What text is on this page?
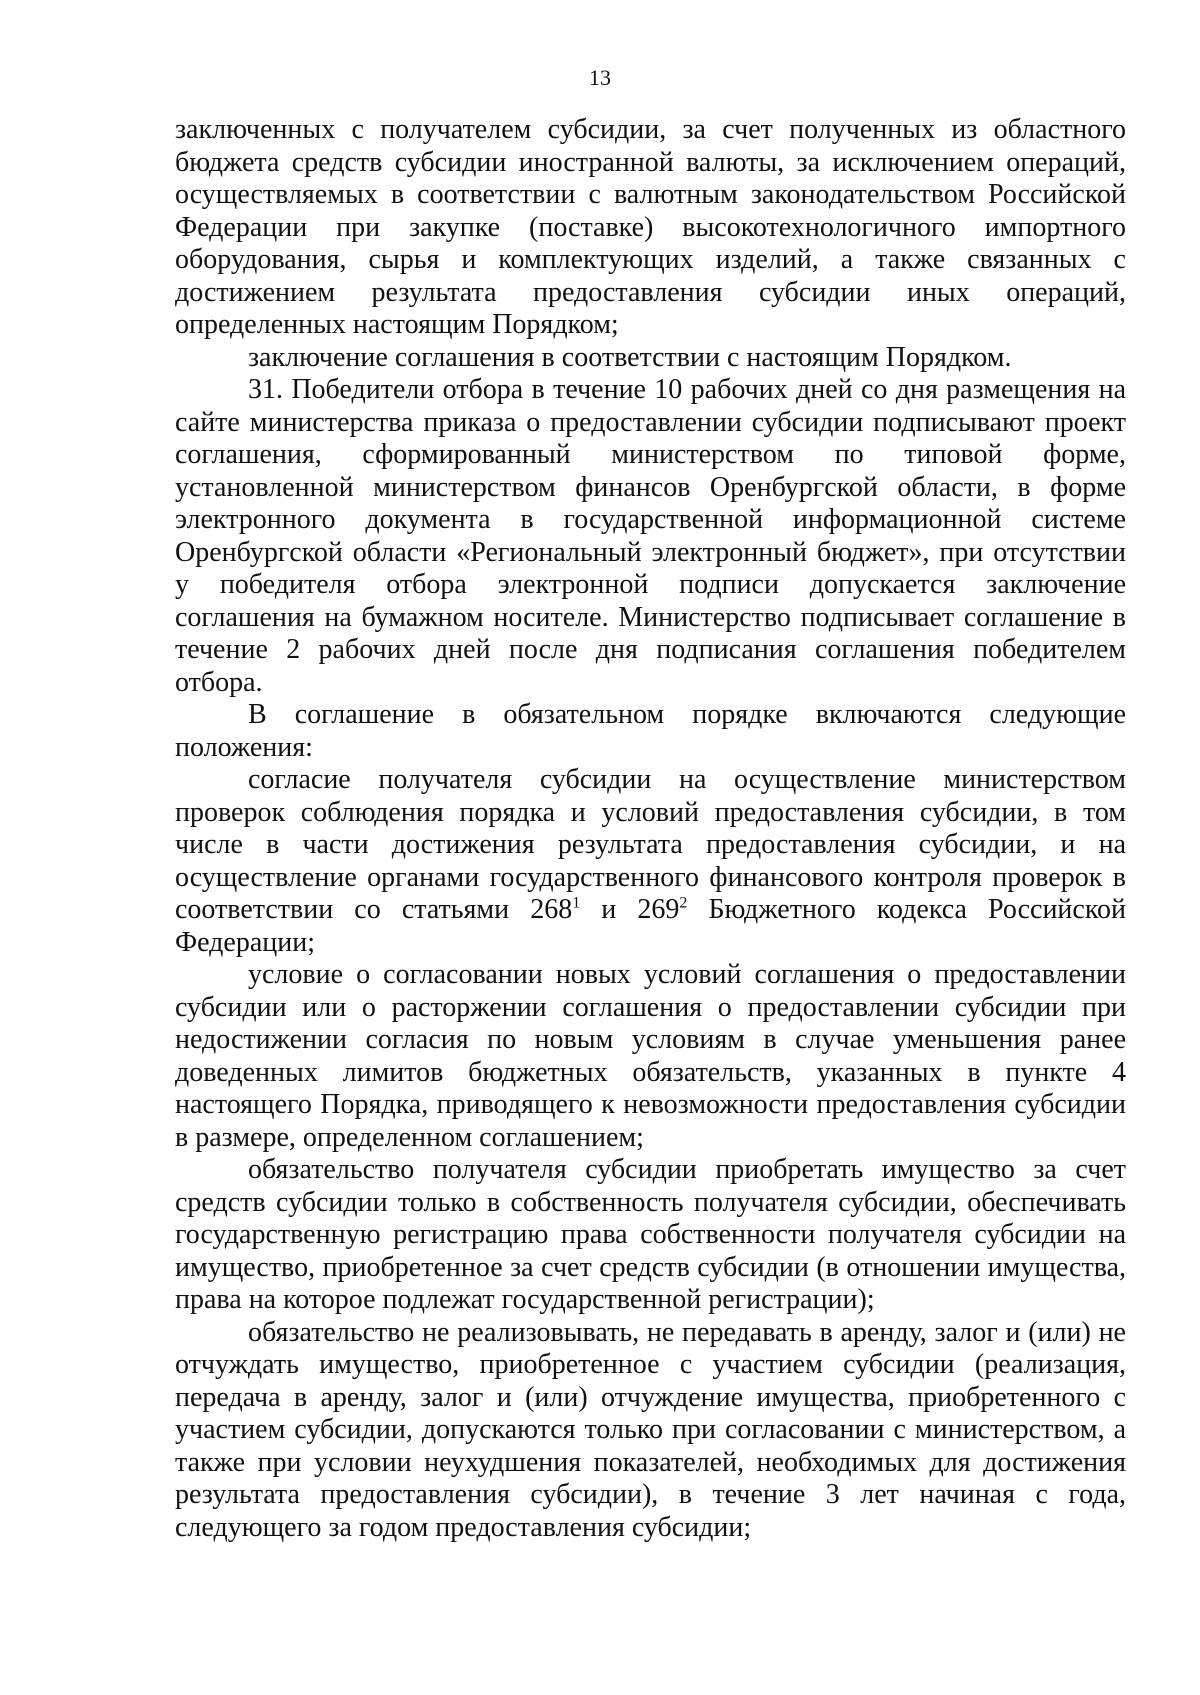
13

заключенных с получателем субсидии, за счет полученных из областного бюджета средств субсидии иностранной валюты, за исключением операций, осуществляемых в соответствии с валютным законодательством Российской Федерации при закупке (поставке) высокотехнологичного импортного оборудования, сырья и комплектующих изделий, а также связанных с достижением результата предоставления субсидии иных операций, определенных настоящим Порядком;

заключение соглашения в соответствии с настоящим Порядком.

31. Победители отбора в течение 10 рабочих дней со дня размещения на сайте министерства приказа о предоставлении субсидии подписывают проект соглашения, сформированный министерством по типовой форме, установленной министерством финансов Оренбургской области, в форме электронного документа в государственной информационной системе Оренбургской области «Региональный электронный бюджет», при отсутствии у победителя отбора электронной подписи допускается заключение соглашения на бумажном носителе. Министерство подписывает соглашение в течение 2 рабочих дней после дня подписания соглашения победителем отбора.

В соглашение в обязательном порядке включаются следующие положения:

согласие получателя субсидии на осуществление министерством проверок соблюдения порядка и условий предоставления субсидии, в том числе в части достижения результата предоставления субсидии, и на осуществление органами государственного финансового контроля проверок в соответствии со статьями $268^1$ и $269^2$ Бюджетного кодекса Российской Федерации;

условие о согласовании новых условий соглашения о предоставлении субсидии или о расторжении соглашения о предоставлении субсидии при недостижении согласия по новым условиям в случае уменьшения ранее доведенных лимитов бюджетных обязательств, указанных в пункте 4 настоящего Порядка, приводящего к невозможности предоставления субсидии в размере, определенном соглашением;

обязательство получателя субсидии приобретать имущество за счет средств субсидии только в собственность получателя субсидии, обеспечивать государственную регистрацию права собственности получателя субсидии на имущество, приобретенное за счет средств субсидии (в отношении имущества, права на которое подлежат государственной регистрации);

обязательство не реализовывать, не передавать в аренду, залог и (или) не отчуждать имущество, приобретенное с участием субсидии (реализация, передача в аренду, залог и (или) отчуждение имущества, приобретенного с участием субсидии, допускаются только при согласовании с министерством, а также при условии неухудшения показателей, необходимых для достижения результата предоставления субсидии), в течение 3 лет начиная с года, следующего за годом предоставления субсидии;
